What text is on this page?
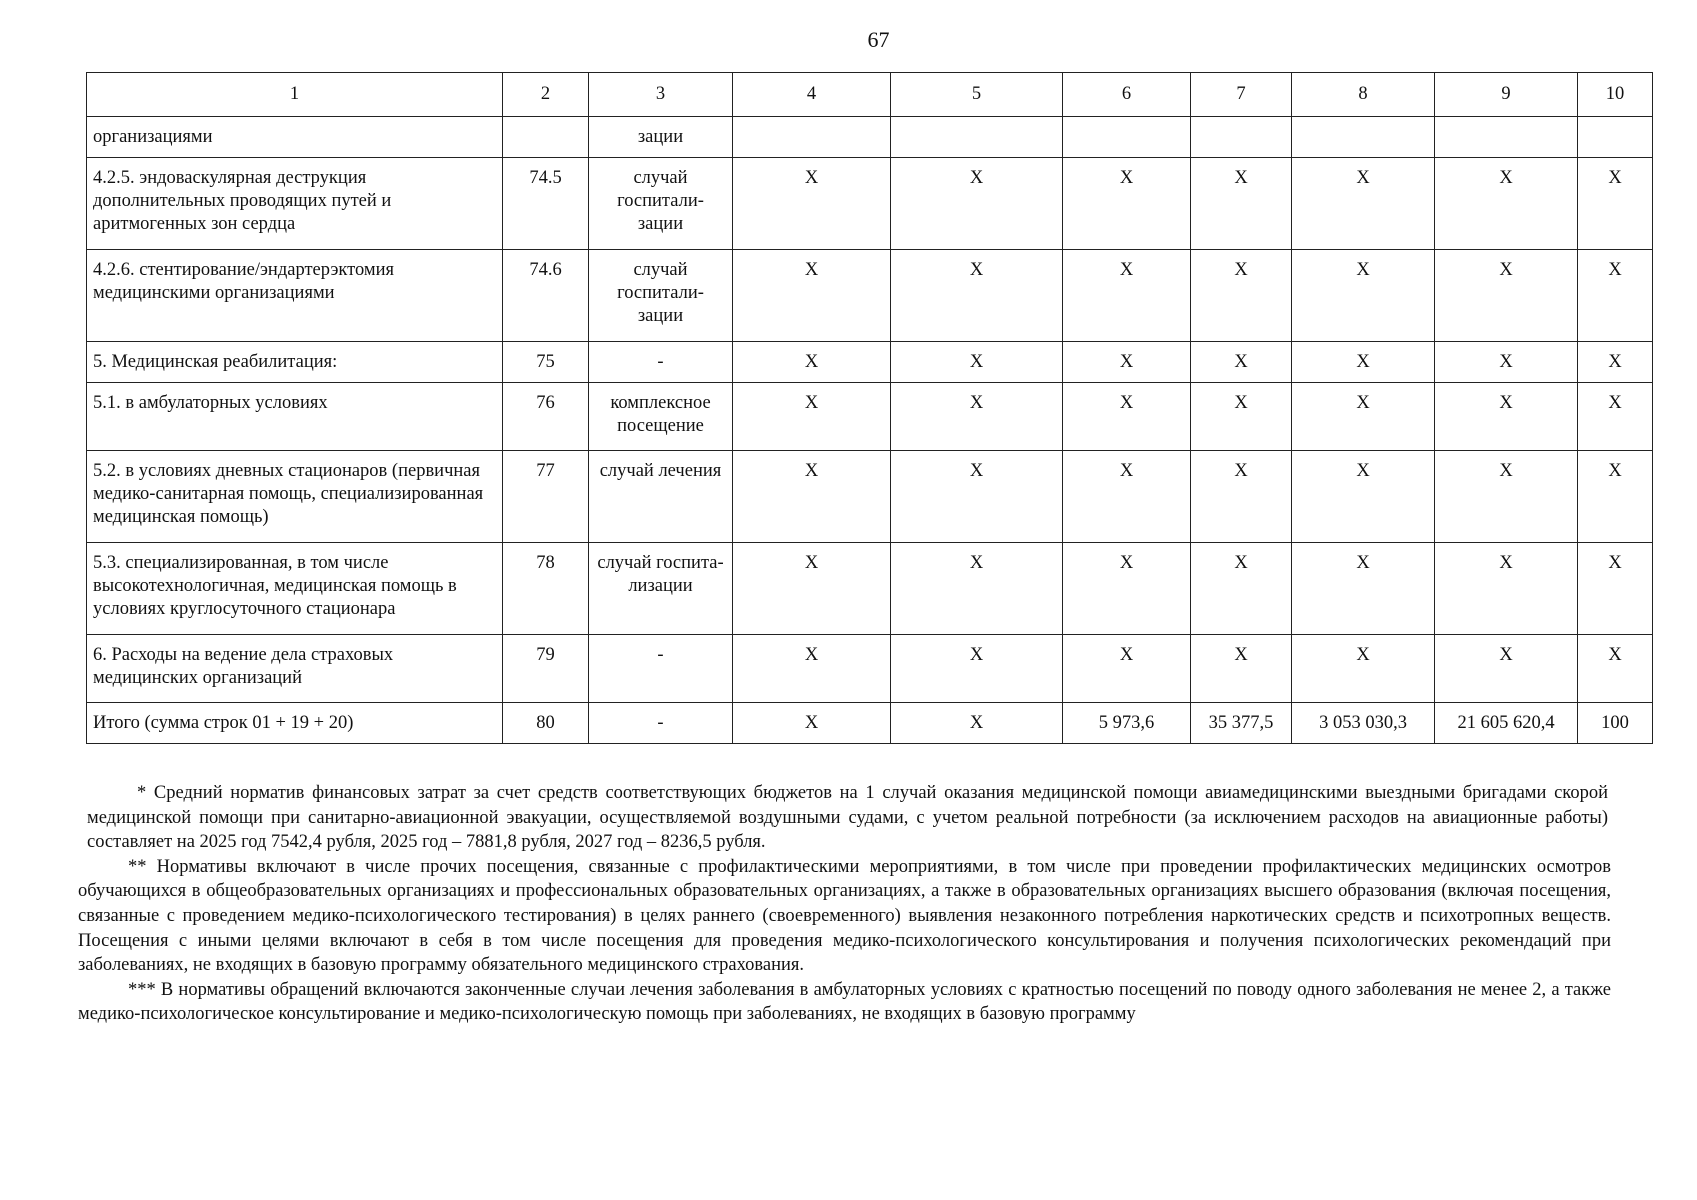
67
1	2	3	4	5	6	7	8	9	10
организациями		зации							
4.2.5. эндоваскулярная деструкция дополнительных проводящих путей и аритмогенных зон сердца	74.5	случай госпитали-зации	X	X	X	X	X	X	X
4.2.6. стентирование/эндартерэктомия медицинскими организациями	74.6	случай госпитали-зации	X	X	X	X	X	X	X
5. Медицинская реабилитация:	75	-	X	X	X	X	X	X	X
5.1. в амбулаторных условиях	76	комплексное посещение	X	X	X	X	X	X	X
5.2. в условиях дневных стационаров (первичная медико-санитарная помощь, специализированная медицинская помощь)	77	случай лечения	X	X	X	X	X	X	X
5.3. специализированная, в том числе высокотехнологичная, медицинская помощь в условиях круглосуточного стационара	78	случай госпита-лизации	X	X	X	X	X	X	X
6. Расходы на ведение дела страховых медицинских организаций	79	-	X	X	X	X	X	X	X
Итого (сумма строк 01 + 19 + 20)	80	-	X	X	5 973,6	35 377,5	3 053 030,3	21 605 620,4	100

* Средний норматив финансовых затрат за счет средств соответствующих бюджетов на 1 случай оказания медицинской помощи авиамедицинскими выездными бригадами скорой медицинской помощи при санитарно-авиационной эвакуации, осуществляемой воздушными судами, с учетом реальной потребности (за исключением расходов на авиационные работы) составляет на 2025 год 7542,4 рубля, 2025 год – 7881,8 рубля, 2027 год – 8236,5 рубля.

** Нормативы включают в числе прочих посещения, связанные с профилактическими мероприятиями, в том числе при проведении профилактических медицинских осмотров обучающихся в общеобразовательных организациях и профессиональных образовательных организациях, а также в образовательных организациях высшего образования (включая посещения, связанные с проведением медико-психологического тестирования) в целях раннего (своевременного) выявления незаконного потребления наркотических средств и психотропных веществ. Посещения с иными целями включают в себя в том числе посещения для проведения медико-психологического консультирования и получения психологических рекомендаций при заболеваниях, не входящих в базовую программу обязательного медицинского страхования.

*** В нормативы обращений включаются законченные случаи лечения заболевания в амбулаторных условиях с кратностью посещений по поводу одного заболевания не менее 2, а также медико-психологическое консультирование и медико-психологическую помощь при заболеваниях, не входящих в базовую программу
